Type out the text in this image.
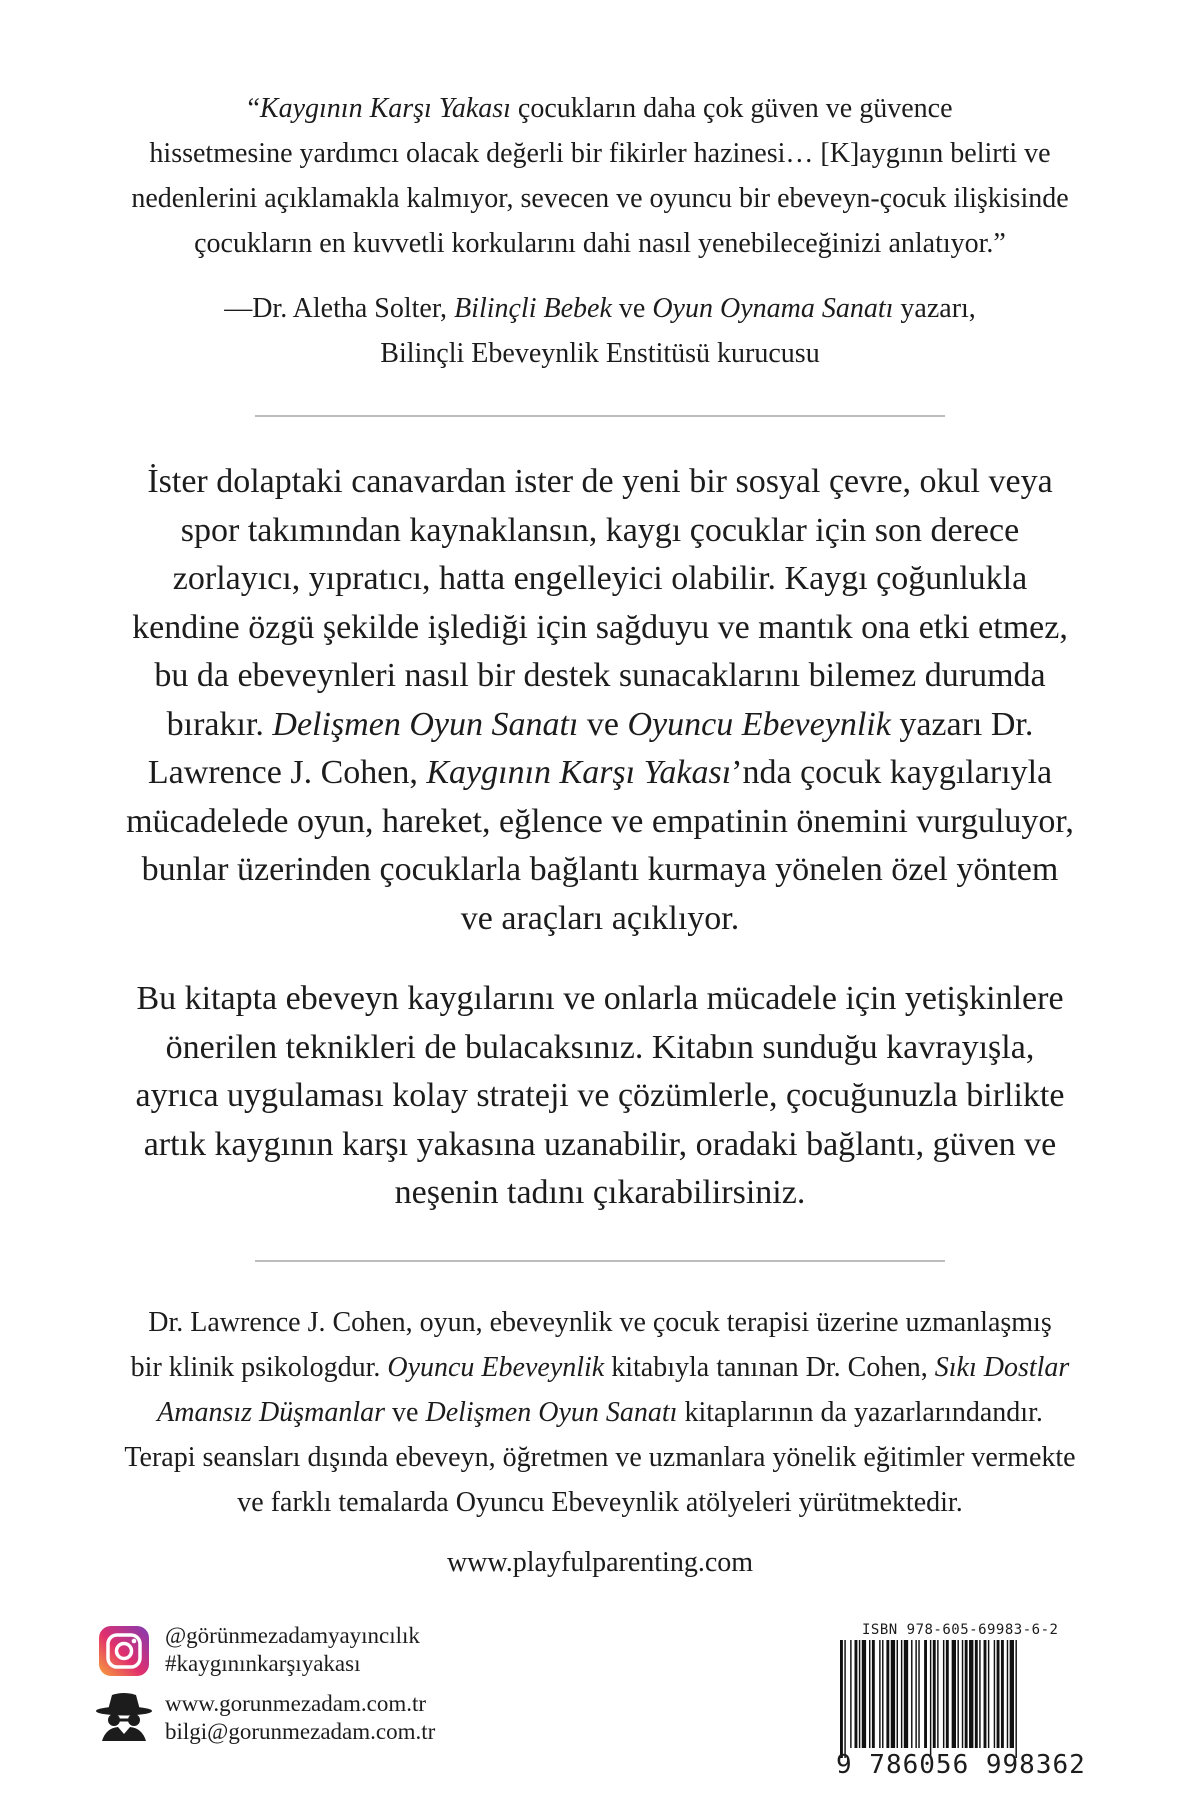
“Kaygının Karşı Yakası çocukların daha çok güven ve güvence
hissetmesine yardımcı olacak değerli bir fikirler hazinesi… [K]aygının belirti ve
nedenlerini açıklamakla kalmıyor, sevecen ve oyuncu bir ebeveyn-çocuk ilişkisinde
çocukların en kuvvetli korkularını dahi nasıl yenebileceğinizi anlatıyor.”
—Dr. Aletha Solter, Bilinçli Bebek ve Oyun Oynama Sanatı yazarı,
Bilinçli Ebeveynlik Enstitüsü kurucusu
İster dolaptaki canavardan ister de yeni bir sosyal çevre, okul veya
spor takımından kaynaklansın, kaygı çocuklar için son derece
zorlayıcı, yıpratıcı, hatta engelleyici olabilir. Kaygı çoğunlukla
kendine özgü şekilde işlediği için sağduyu ve mantık ona etki etmez,
bu da ebeveynleri nasıl bir destek sunacaklarını bilemez durumda
bırakır. Delişmen Oyun Sanatı ve Oyuncu Ebeveynlik yazarı Dr.
Lawrence J. Cohen, Kaygının Karşı Yakası’nda çocuk kaygılarıyla
mücadelede oyun, hareket, eğlence ve empatinin önemini vurguluyor,
bunlar üzerinden çocuklarla bağlantı kurmaya yönelen özel yöntem
ve araçları açıklıyor.
Bu kitapta ebeveyn kaygılarını ve onlarla mücadele için yetişkinlere
önerilen teknikleri de bulacaksınız. Kitabın sunduğu kavrayışla,
ayrıca uygulaması kolay strateji ve çözümlerle, çocuğunuzla birlikte
artık kaygının karşı yakasına uzanabilir, oradaki bağlantı, güven ve
neşenin tadını çıkarabilirsiniz.
Dr. Lawrence J. Cohen, oyun, ebeveynlik ve çocuk terapisi üzerine uzmanlaşmış
bir klinik psikologdur. Oyuncu Ebeveynlik kitabıyla tanınan Dr. Cohen, Sıkı Dostlar
Amansız Düşmanlar ve Delişmen Oyun Sanatı kitaplarının da yazarlarındandır.
Terapi seansları dışında ebeveyn, öğretmen ve uzmanlara yönelik eğitimler vermekte
ve farklı temalarda Oyuncu Ebeveynlik atölyeleri yürütmektedir.
www.playfulparenting.com
@görünmezadamyayıncılık
#kaygınınkarşıyakası
www.gorunmezadam.com.tr
bilgi@gorunmezadam.com.tr
ISBN 978-605-69983-6-2
9 786056 998362
